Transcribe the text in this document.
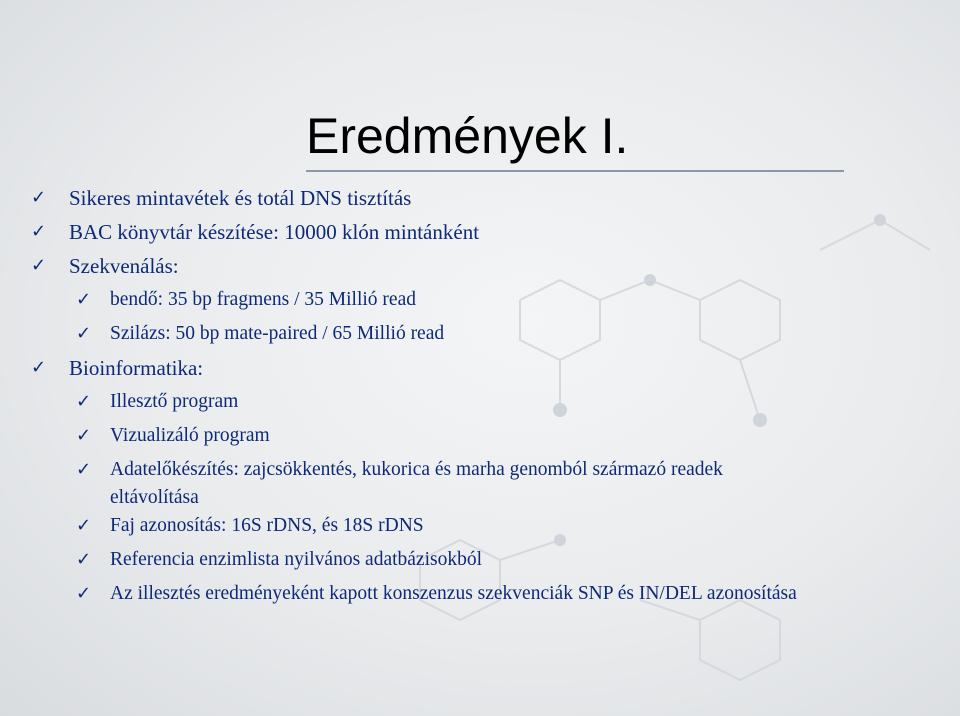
Eredmények I.
✓ Sikeres mintavétek és totál DNS tisztítás
✓ BAC könyvtár készítése: 10000 klón mintánként
✓ Szekvenálás:
✓ bendő: 35 bp fragmens / 35 Millió read
✓ Szilázs: 50 bp mate-paired / 65 Millió read
✓ Bioinformatika:
✓ Illesztő program
✓ Vizualizáló program
✓ Adatelőkészítés: zajcsökkentés, kukorica és marha genomból származó readek
eltávolítása
✓ Faj azonosítás: 16S rDNS, és 18S rDNS
✓ Referencia enzimlista nyilvános adatbázisokból
✓ Az illesztés eredményeként kapott konszenzus szekvenciák SNP és IN/DEL azonosítása
